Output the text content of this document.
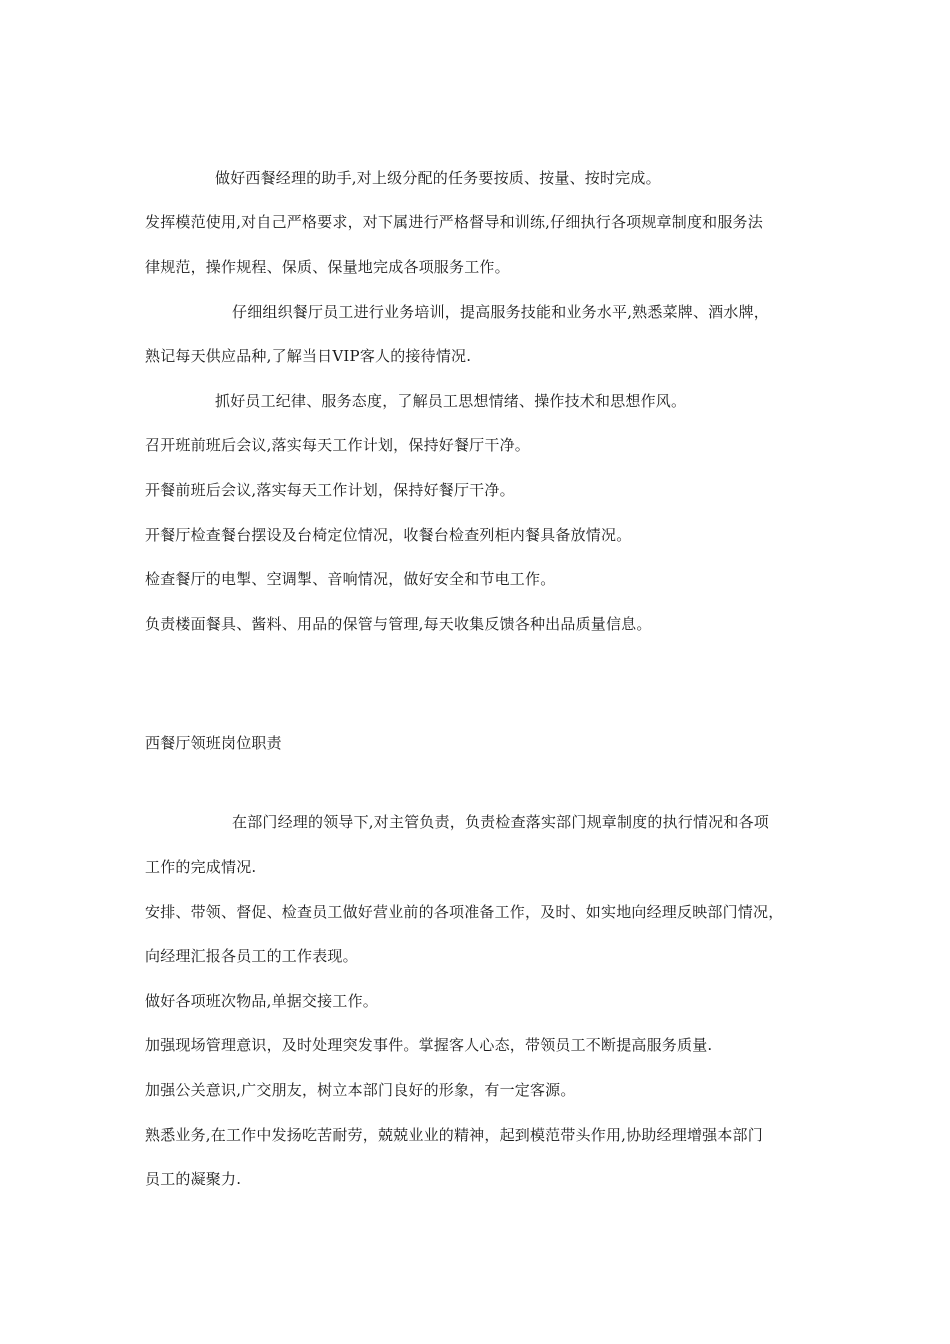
做好西餐经理的助手,对上级分配的任务要按质、按量、按时完成。
发挥模范使用,对自己严格要求，对下属进行严格督导和训练,仔细执行各项规章制度和服务法
律规范，操作规程、保质、保量地完成各项服务工作。
仔细组织餐厅员工进行业务培训，提高服务技能和业务水平,熟悉菜牌、酒水牌，
熟记每天供应品种,了解当日VIP客人的接待情况.
抓好员工纪律、服务态度，了解员工思想情绪、操作技术和思想作风。
召开班前班后会议,落实每天工作计划，保持好餐厅干净。
开餐前班后会议,落实每天工作计划，保持好餐厅干净。
开餐厅检查餐台摆设及台椅定位情况，收餐台检查列柜内餐具备放情况。
检查餐厅的电掣、空调掣、音响情况，做好安全和节电工作。
负责楼面餐具、酱料、用品的保管与管理,每天收集反馈各种出品质量信息。
西餐厅领班岗位职责
在部门经理的领导下,对主管负责，负责检查落实部门规章制度的执行情况和各项
工作的完成情况.
安排、带领、督促、检查员工做好营业前的各项准备工作，及时、如实地向经理反映部门情况，
向经理汇报各员工的工作表现。
做好各项班次物品,单据交接工作。
加强现场管理意识，及时处理突发事件。掌握客人心态，带领员工不断提高服务质量.
加强公关意识,广交朋友，树立本部门良好的形象，有一定客源。
熟悉业务,在工作中发扬吃苦耐劳，兢兢业业的精神，起到模范带头作用,协助经理增强本部门
员工的凝聚力.
